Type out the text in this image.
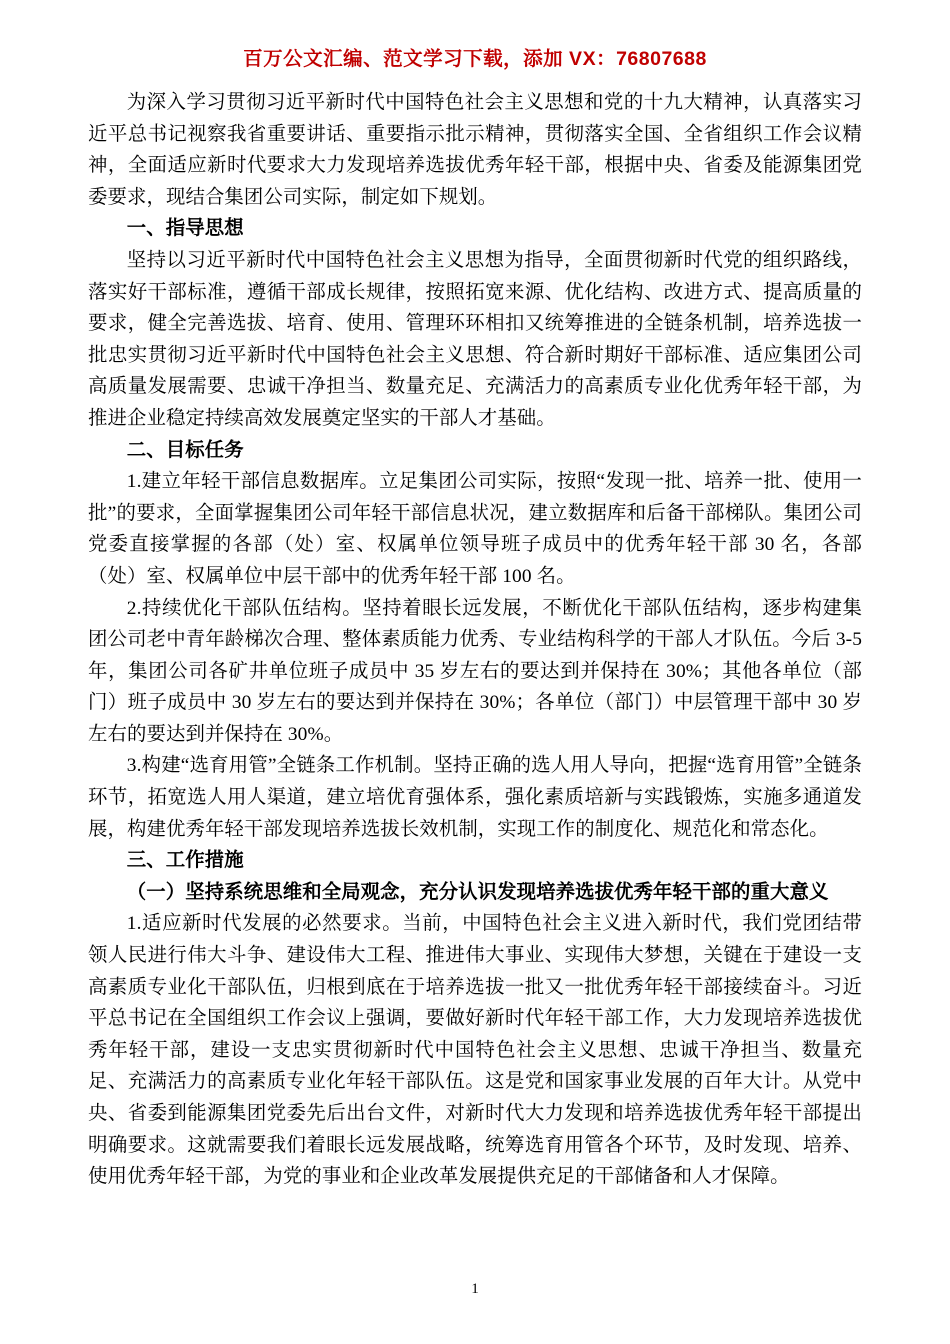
百万公文汇编、范文学习下载，添加 VX：76807688

为深入学习贯彻习近平新时代中国特色社会主义思想和党的十九大精神，认真落实习近平总书记视察我省重要讲话、重要指示批示精神，贯彻落实全国、全省组织工作会议精神，全面适应新时代要求大力发现培养选拔优秀年轻干部，根据中央、省委及能源集团党委要求，现结合集团公司实际，制定如下规划。

一、指导思想

坚持以习近平新时代中国特色社会主义思想为指导，全面贯彻新时代党的组织路线，落实好干部标准，遵循干部成长规律，按照拓宽来源、优化结构、改进方式、提高质量的要求，健全完善选拔、培育、使用、管理环环相扣又统筹推进的全链条机制，培养选拔一批忠实贯彻习近平新时代中国特色社会主义思想、符合新时期好干部标准、适应集团公司高质量发展需要、忠诚干净担当、数量充足、充满活力的高素质专业化优秀年轻干部，为推进企业稳定持续高效发展奠定坚实的干部人才基础。

二、目标任务

1.建立年轻干部信息数据库。立足集团公司实际，按照“发现一批、培养一批、使用一批”的要求，全面掌握集团公司年轻干部信息状况，建立数据库和后备干部梯队。集团公司党委直接掌握的各部（处）室、权属单位领导班子成员中的优秀年轻干部 30 名，各部（处）室、权属单位中层干部中的优秀年轻干部 100 名。

2.持续优化干部队伍结构。坚持着眼长远发展，不断优化干部队伍结构，逐步构建集团公司老中青年龄梯次合理、整体素质能力优秀、专业结构科学的干部人才队伍。今后 3-5 年，集团公司各矿井单位班子成员中 35 岁左右的要达到并保持在 30%；其他各单位（部门）班子成员中 30 岁左右的要达到并保持在 30%；各单位（部门）中层管理干部中 30 岁左右的要达到并保持在 30%。

3.构建“选育用管”全链条工作机制。坚持正确的选人用人导向，把握“选育用管”全链条环节，拓宽选人用人渠道，建立培优育强体系，强化素质培新与实践锻炼，实施多通道发展，构建优秀年轻干部发现培养选拔长效机制，实现工作的制度化、规范化和常态化。

三、工作措施

（一）坚持系统思维和全局观念，充分认识发现培养选拔优秀年轻干部的重大意义

1.适应新时代发展的必然要求。当前，中国特色社会主义进入新时代，我们党团结带领人民进行伟大斗争、建设伟大工程、推进伟大事业、实现伟大梦想，关键在于建设一支高素质专业化干部队伍，归根到底在于培养选拔一批又一批优秀年轻干部接续奋斗。习近平总书记在全国组织工作会议上强调，要做好新时代年轻干部工作，大力发现培养选拔优秀年轻干部，建设一支忠实贯彻新时代中国特色社会主义思想、忠诚干净担当、数量充足、充满活力的高素质专业化年轻干部队伍。这是党和国家事业发展的百年大计。从党中央、省委到能源集团党委先后出台文件，对新时代大力发现和培养选拔优秀年轻干部提出明确要求。这就需要我们着眼长远发展战略，统筹选育用管各个环节，及时发现、培养、使用优秀年轻干部，为党的事业和企业改革发展提供充足的干部储备和人才保障。

1
